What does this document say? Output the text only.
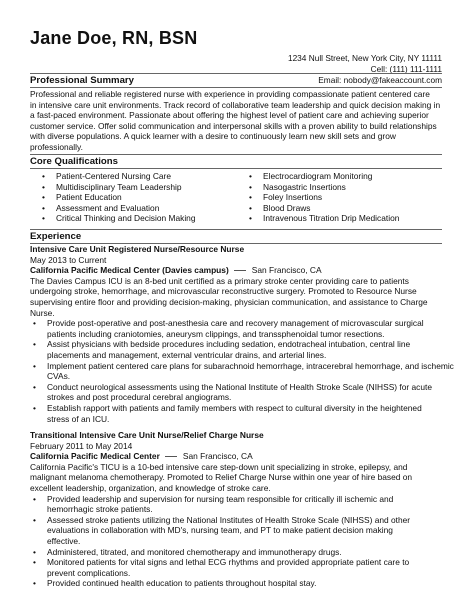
Jane Doe, RN, BSN
1234 Null Street, New York City, NY 11111
Cell: (111) 111-1111
Email: nobody@fakeaccount.com
Professional Summary
Professional and reliable registered nurse with experience in providing compassionate patient centered care
in intensive care unit environments. Track record of collaborative team leadership and quick decision making in
a fast-paced environment. Passionate about offering the highest level of patient care and achieving superior
customer service. Offer solid communication and interpersonal skills with a proven ability to build relationships
with diverse populations. A quick learner with a desire to continuously learn new skill sets and grow
professionally.
Core Qualifications
• Patient-Centered Nursing Care
• Multidisciplinary Team Leadership
• Patient Education
• Assessment and Evaluation
• Critical Thinking and Decision Making
• Electrocardiogram Monitoring
• Nasogastric Insertions
• Foley Insertions
• Blood Draws
• Intravenous Titration Drip Medication
Experience
Intensive Care Unit Registered Nurse/Resource Nurse
May 2013 to Current
California Pacific Medical Center (Davies campus)	San Francisco, CA
The Davies Campus ICU is an 8-bed unit certified as a primary stroke center providing care to patients
undergoing stroke, hemorrhage, and microvascular reconstructive surgery. Promoted to Resource Nurse
supervising entire floor and providing decision-making, physician communication, and assistance to Charge
Nurse.
• Provide post-operative and post-anesthesia care and recovery management of microvascular surgical
patients including craniotomies, aneurysm clippings, and transsphenoidal tumor resections.
• Assist physicians with bedside procedures including sedation, endotracheal intubation, central line
placements and management, external ventricular drains, and arterial lines.
• Implement patient centered care plans for subarachnoid hemorrhage, intracerebral hemorrhage, and ischemic
CVAs.
• Conduct neurological assessments using the National Institute of Health Stroke Scale (NIHSS) for acute
strokes and post procedural cerebral angiograms.
• Establish rapport with patients and family members with respect to cultural diversity in the heightened
stress of an ICU.
Transitional Intensive Care Unit Nurse/Relief Charge Nurse
February 2011 to May 2014
California Pacific Medical Center	San Francisco, CA
California Pacific's TICU is a 10-bed intensive care step-down unit specializing in stroke, epilepsy, and
malignant melanoma chemotherapy. Promoted to Relief Charge Nurse within one year of hire based on
excellent leadership, organization, and knowledge of stroke care.
• Provided leadership and supervision for nursing team responsible for critically ill ischemic and
hemorrhagic stroke patients.
• Assessed stroke patients utilizing the National Institutes of Health Stroke Scale (NIHSS) and other
evaluations in collaboration with MD's, nursing team, and PT to make patient decision making
effective.
• Administered, titrated, and monitored chemotherapy and immunotherapy drugs.
• Monitored patients for vital signs and lethal ECG rhythms and provided appropriate patient care to
prevent complications.
• Provided continued health education to patients throughout hospital stay.
